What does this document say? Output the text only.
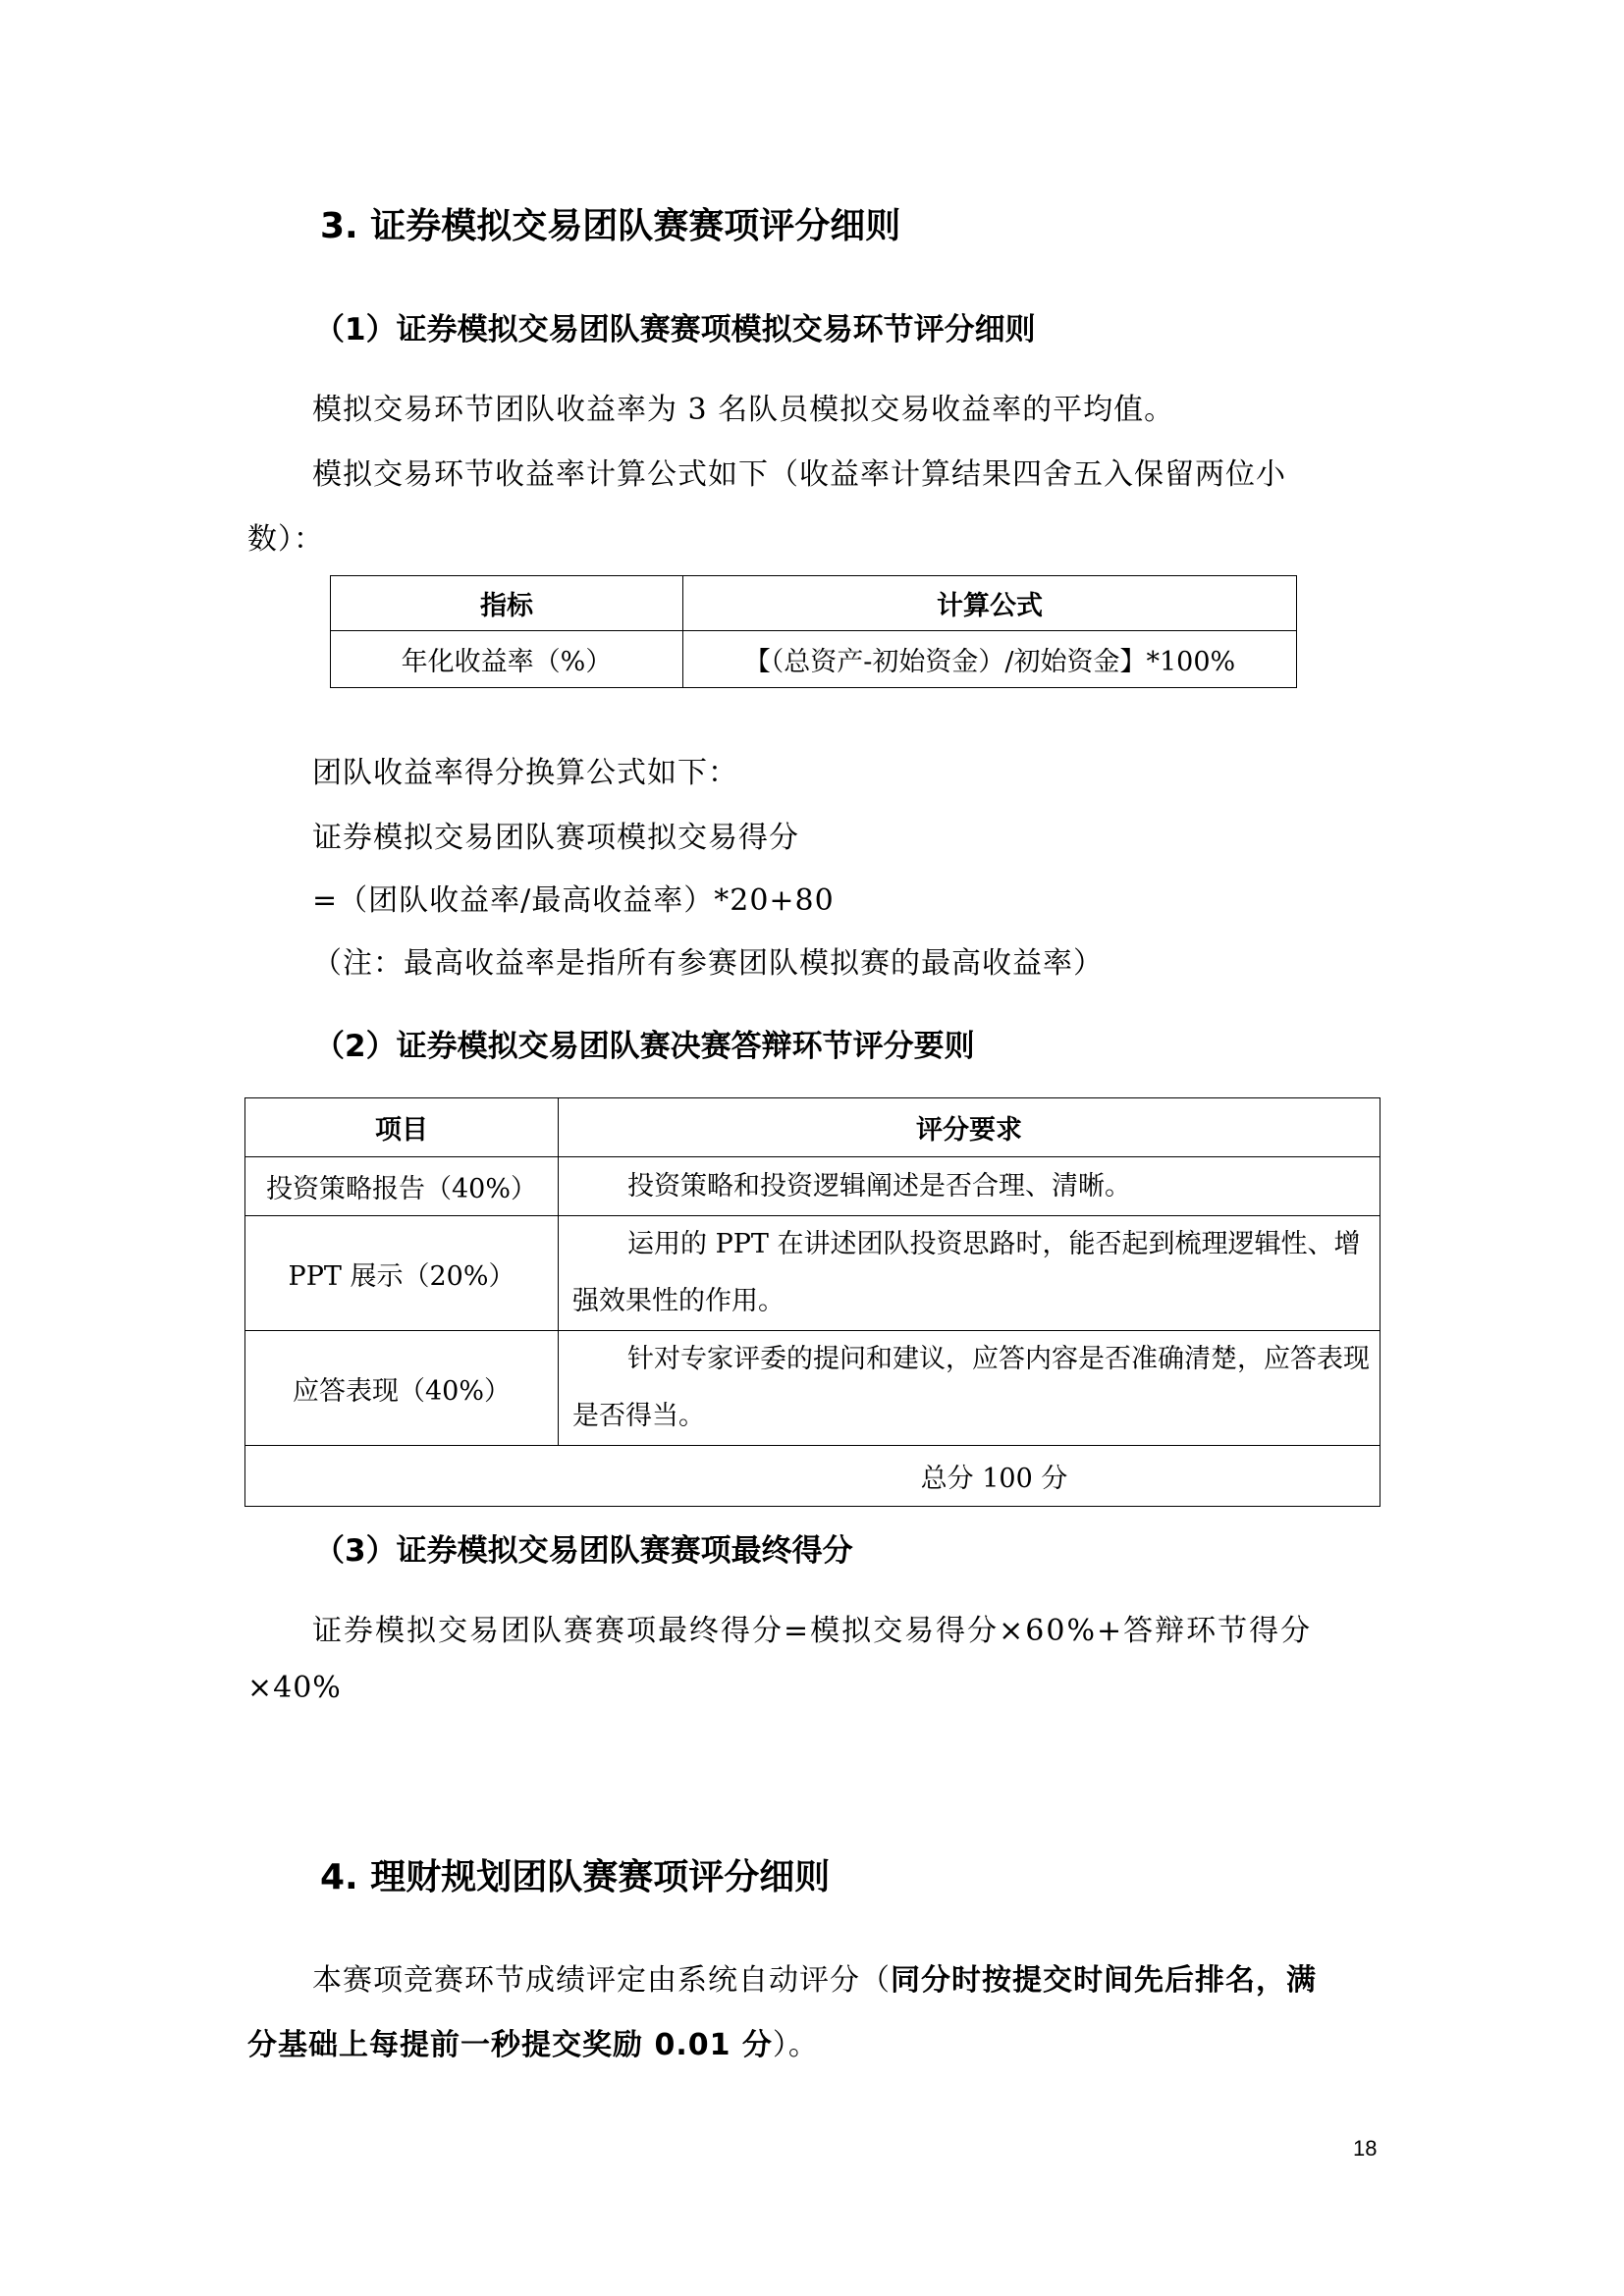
3. 证券模拟交易团队赛赛项评分细则
（1）证券模拟交易团队赛赛项模拟交易环节评分细则
模拟交易环节团队收益率为 3 名队员模拟交易收益率的平均值。
模拟交易环节收益率计算公式如下（收益率计算结果四舍五入保留两位小
数）：
指标	计算公式
年化收益率（%）	【（总资产-初始资金）/初始资金】*100%
团队收益率得分换算公式如下：
证券模拟交易团队赛项模拟交易得分
=（团队收益率/最高收益率）*20+80
（注：最高收益率是指所有参赛团队模拟赛的最高收益率）
（2）证券模拟交易团队赛决赛答辩环节评分要则
项目	评分要求
投资策略报告（40%）	投资策略和投资逻辑阐述是否合理、清晰。
PPT 展示（20%）	运用的 PPT 在讲述团队投资思路时，能否起到梳理逻辑性、增强效果性的作用。
应答表现（40%）	针对专家评委的提问和建议，应答内容是否准确清楚，应答表现是否得当。
总分 100 分	
（3）证券模拟交易团队赛赛项最终得分
证券模拟交易团队赛赛项最终得分=模拟交易得分×60%+答辩环节得分
×40%
4. 理财规划团队赛赛项评分细则
本赛项竞赛环节成绩评定由系统自动评分（同分时按提交时间先后排名，满
分基础上每提前一秒提交奖励 0.01 分）。
18
